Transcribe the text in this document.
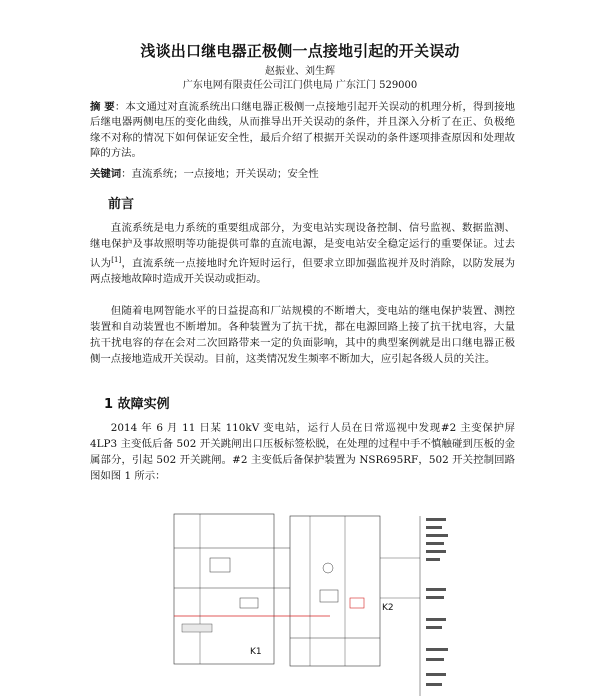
浅谈出口继电器正极侧一点接地引起的开关误动
赵振业、刘生辉
广东电网有限责任公司江门供电局 广东江门 529000
摘 要：本文通过对直流系统出口继电器正极侧一点接地引起开关误动的机理分析，得到接地后继电器两侧电压的变化曲线，从而推导出开关误动的条件，并且深入分析了在正、负极绝缘不对称的情况下如何保证安全性，最后介绍了根据开关误动的条件逐项排查原因和处理故障的方法。
关键词：直流系统；一点接地；开关误动；安全性
前言
直流系统是电力系统的重要组成部分，为变电站实现设备控制、信号监视、数据监测、继电保护及事故照明等功能提供可靠的直流电源，是变电站安全稳定运行的重要保证。过去认为[1]，直流系统一点接地时允许短时运行，但要求立即加强监视并及时消除，以防发展为两点接地故障时造成开关误动或拒动。
但随着电网智能水平的日益提高和厂站规模的不断增大，变电站的继电保护装置、测控装置和自动装置也不断增加。各种装置为了抗干扰，都在电源回路上接了抗干扰电容，大量抗干扰电容的存在会对二次回路带来一定的负面影响，其中的典型案例就是出口继电器正极侧一点接地造成开关误动。目前，这类情况发生频率不断加大，应引起各级人员的关注。
1 故障实例
2014 年 6 月 11 日某 110kV 变电站，运行人员在日常巡视中发现#2 主变保护屏 4LP3 主变低后备 502 开关跳闸出口压板标签松脱，在处理的过程中手不慎触碰到压板的金属部分，引起 502 开关跳闸。#2 主变低后备保护装置为 NSR695RF，502 开关控制回路图如图 1 所示：
K1
K2
